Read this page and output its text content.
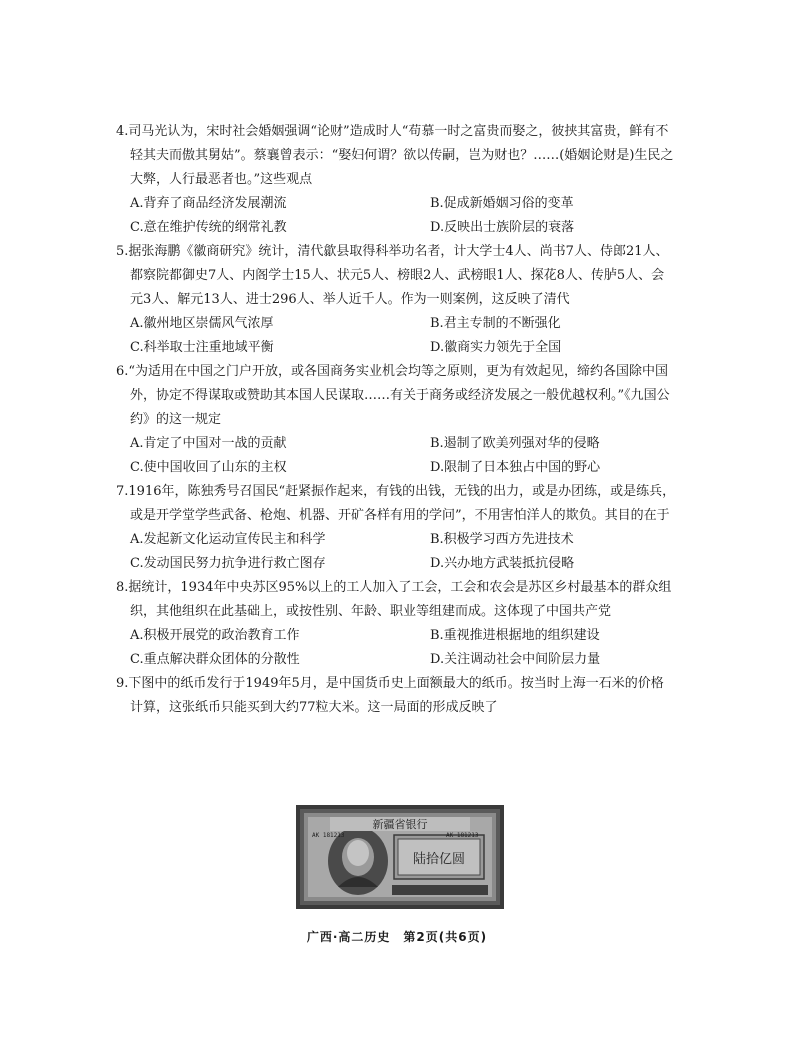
4.司马光认为，宋时社会婚姻强调“论财”造成时人“苟慕一时之富贵而娶之，彼挟其富贵，鲜有不轻其夫而傲其舅姑”。蔡襄曾表示：“娶妇何谓？欲以传嗣，岂为财也？……(婚姻论财是)生民之大弊，人行最恶者也。”这些观点

A.背弃了商品经济发展潮流	B.促成新婚姻习俗的变革
C.意在维护传统的纲常礼教	D.反映出士族阶层的衰落

5.据张海鹏《徽商研究》统计，清代歙县取得科举功名者，计大学士4人、尚书7人、侍郎21人、都察院都御史7人、内阁学士15人、状元5人、榜眼2人、武榜眼1人、探花8人、传胪5人、会元3人、解元13人、进士296人、举人近千人。作为一则案例，这反映了清代

A.徽州地区崇儒风气浓厚	B.君主专制的不断强化
C.科举取士注重地域平衡	D.徽商实力领先于全国

6.“为适用在中国之门户开放，或各国商务实业机会均等之原则，更为有效起见，缔约各国除中国外，协定不得谋取或赞助其本国人民谋取……有关于商务或经济发展之一般优越权利。”《九国公约》的这一规定

A.肯定了中国对一战的贡献	B.遏制了欧美列强对华的侵略
C.使中国收回了山东的主权	D.限制了日本独占中国的野心

7.1916年，陈独秀号召国民“赶紧振作起来，有钱的出钱，无钱的出力，或是办团练，或是练兵，或是开学堂学些武备、枪炮、机器、开矿各样有用的学问”，不用害怕洋人的欺负。其目的在于

A.发起新文化运动宣传民主和科学	B.积极学习西方先进技术
C.发动国民努力抗争进行救亡图存	D.兴办地方武装抵抗侵略

8.据统计，1934年中央苏区95%以上的工人加入了工会，工会和农会是苏区乡村最基本的群众组织，其他组织在此基础上，或按性别、年龄、职业等组建而成。这体现了中国共产党

A.积极开展党的政治教育工作	B.重视推进根据地的组织建设
C.重点解决群众团体的分散性	D.关注调动社会中间阶层力量

9.下图中的纸币发行于1949年5月，是中国货币史上面额最大的纸币。按当时上海一石米的价格计算，这张纸币只能买到大约77粒大米。这一局面的形成反映了

新疆省银行
AK 181213	AK 181213
陆拾亿圆
广西·高二历史　第2页(共6页)
